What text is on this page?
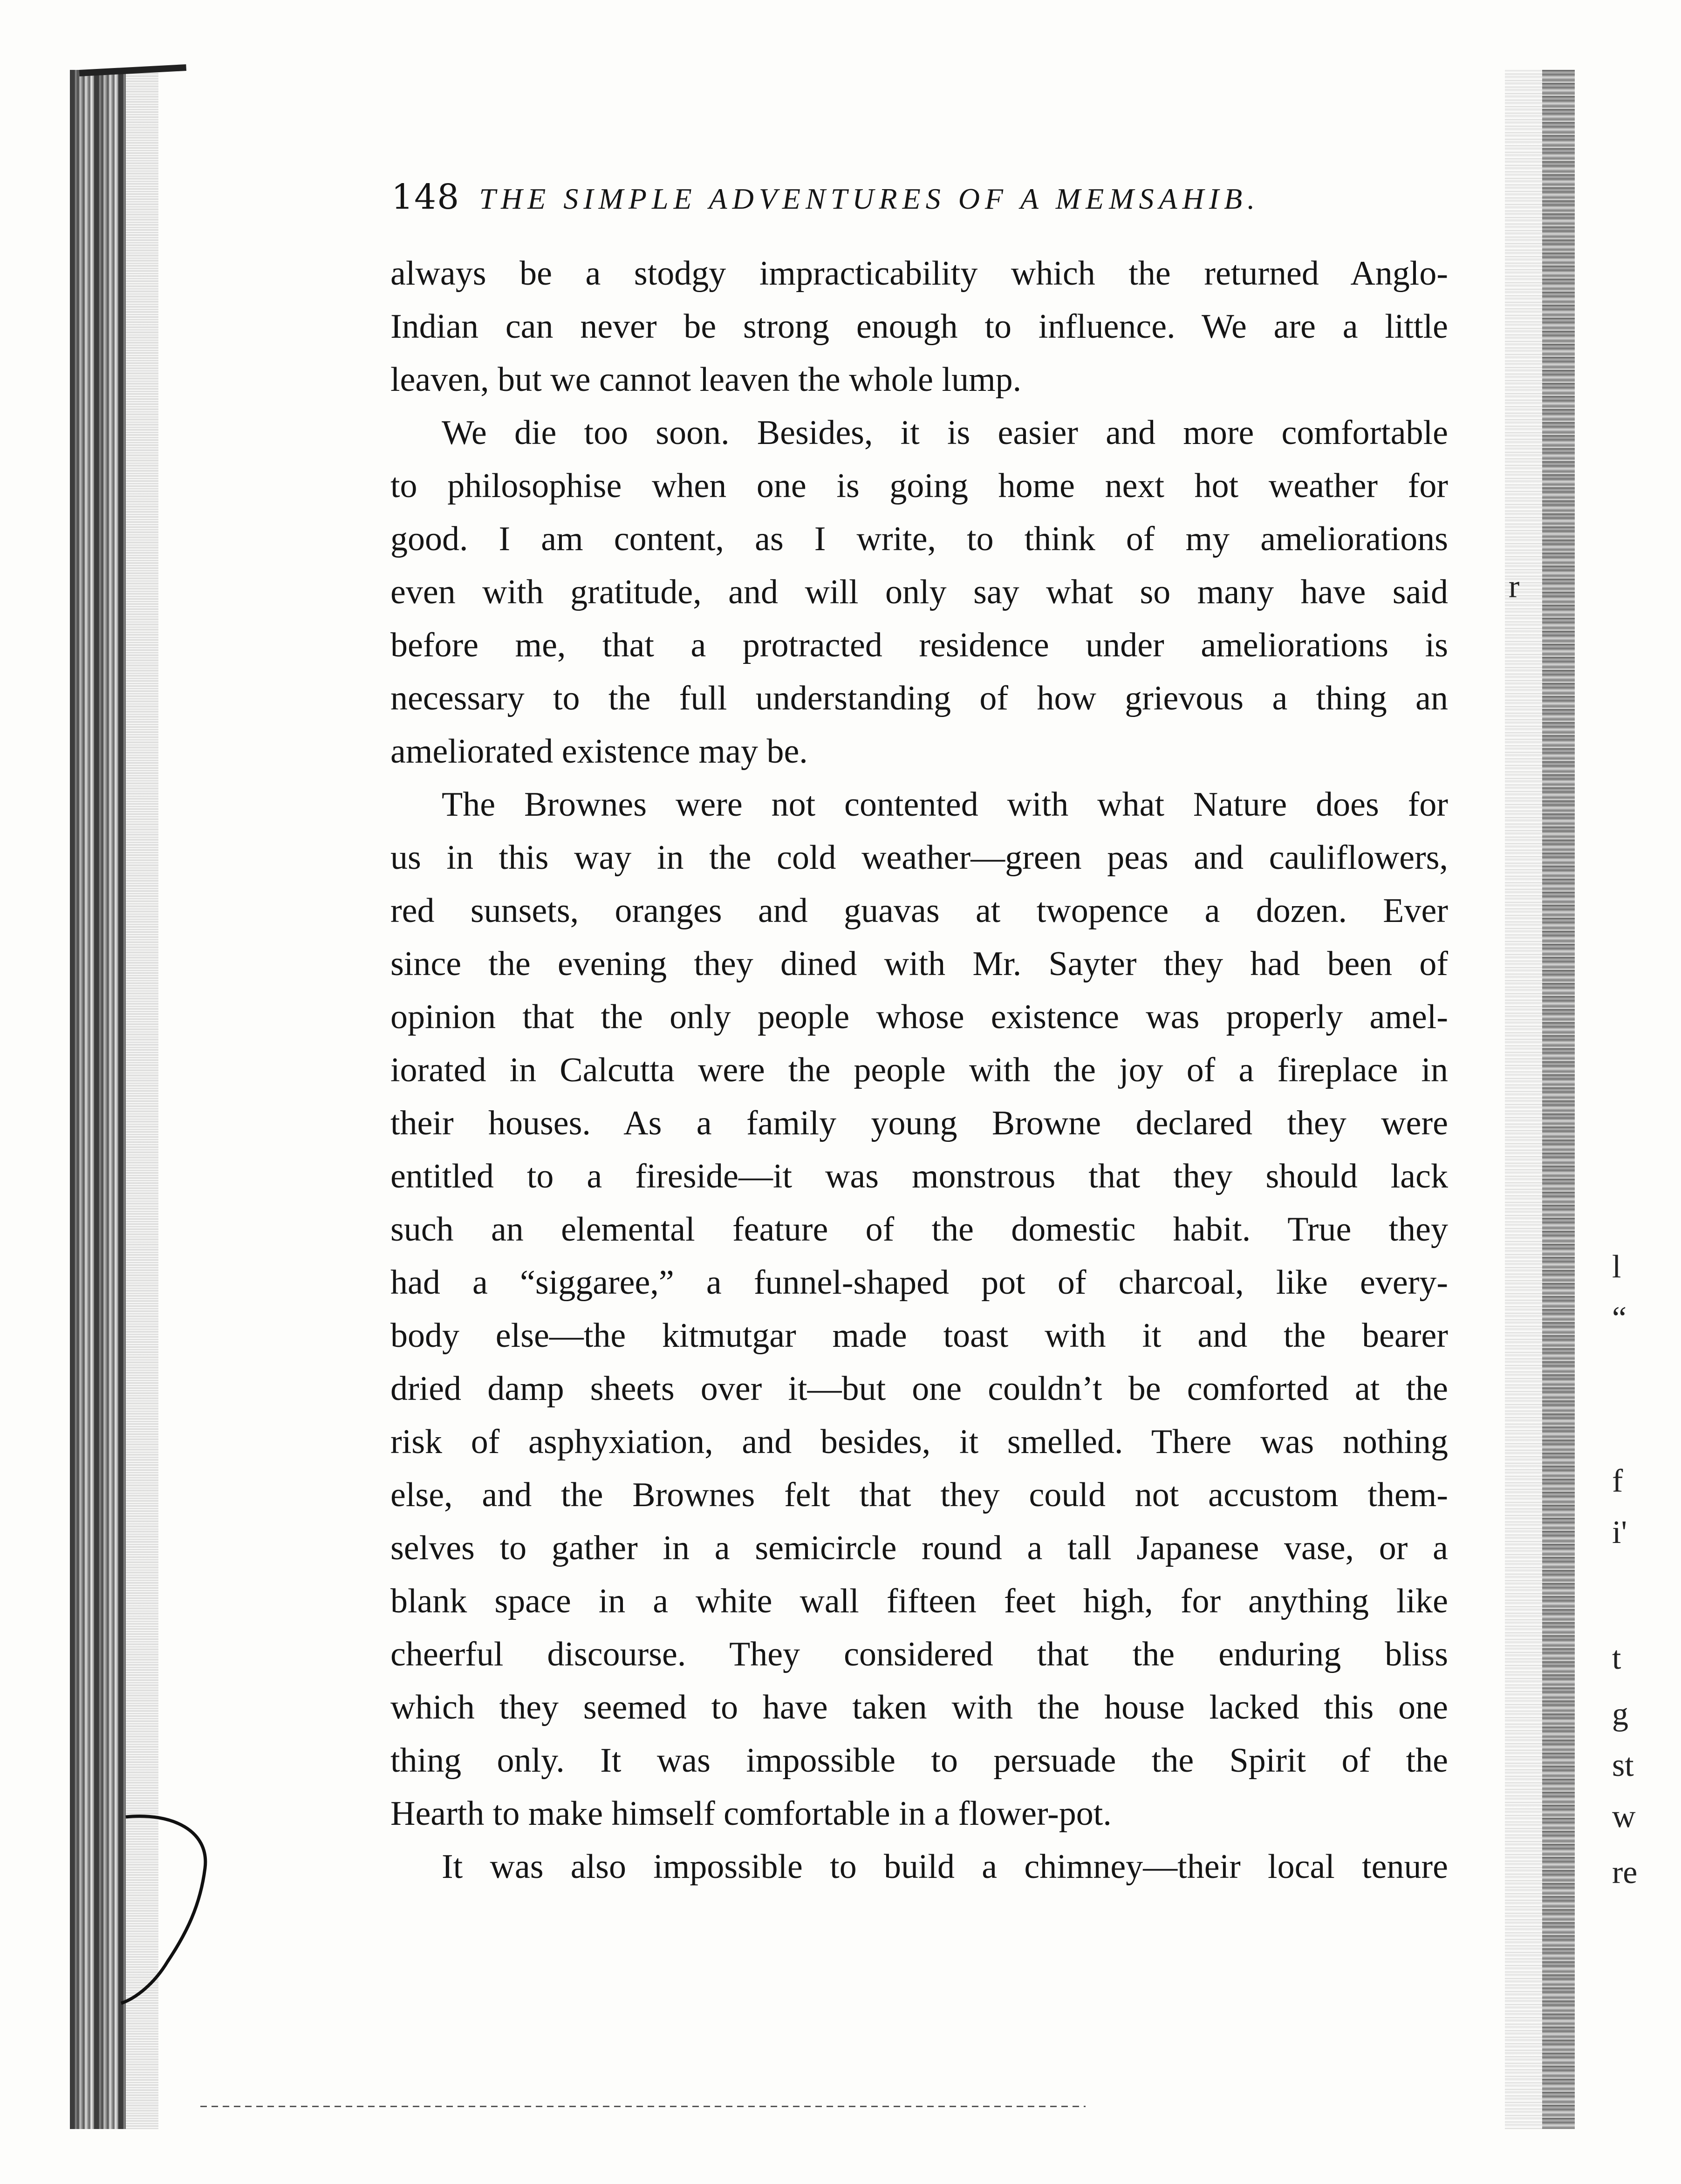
148 THE SIMPLE ADVENTURES OF A MEMSAHIB.
always be a stodgy impracticability which the returned Anglo-
Indian can never be strong enough to influence. We are a little
leaven, but we cannot leaven the whole lump.
We die too soon. Besides, it is easier and more comfortable
to philosophise when one is going home next hot weather for
good. I am content, as I write, to think of my ameliorations
even with gratitude, and will only say what so many have said
before me, that a protracted residence under ameliorations is
necessary to the full understanding of how grievous a thing an
ameliorated existence may be.
The Brownes were not contented with what Nature does for
us in this way in the cold weather—green peas and cauliflowers,
red sunsets, oranges and guavas at twopence a dozen. Ever
since the evening they dined with Mr. Sayter they had been of
opinion that the only people whose existence was properly amel-
iorated in Calcutta were the people with the joy of a fireplace in
their houses. As a family young Browne declared they were
entitled to a fireside—it was monstrous that they should lack
such an elemental feature of the domestic habit. True they
had a “siggaree,” a funnel-shaped pot of charcoal, like every-
body else—the kitmutgar made toast with it and the bearer
dried damp sheets over it—but one couldn’t be comforted at the
risk of asphyxiation, and besides, it smelled. There was nothing
else, and the Brownes felt that they could not accustom them-
selves to gather in a semicircle round a tall Japanese vase, or a
blank space in a white wall fifteen feet high, for anything like
cheerful discourse. They considered that the enduring bliss
which they seemed to have taken with the house lacked this one
thing only. It was impossible to persuade the Spirit of the
Hearth to make himself comfortable in a flower-pot.
It was also impossible to build a chimney—their local tenure
r
l
“
f
i'
t
g
st
w
re
